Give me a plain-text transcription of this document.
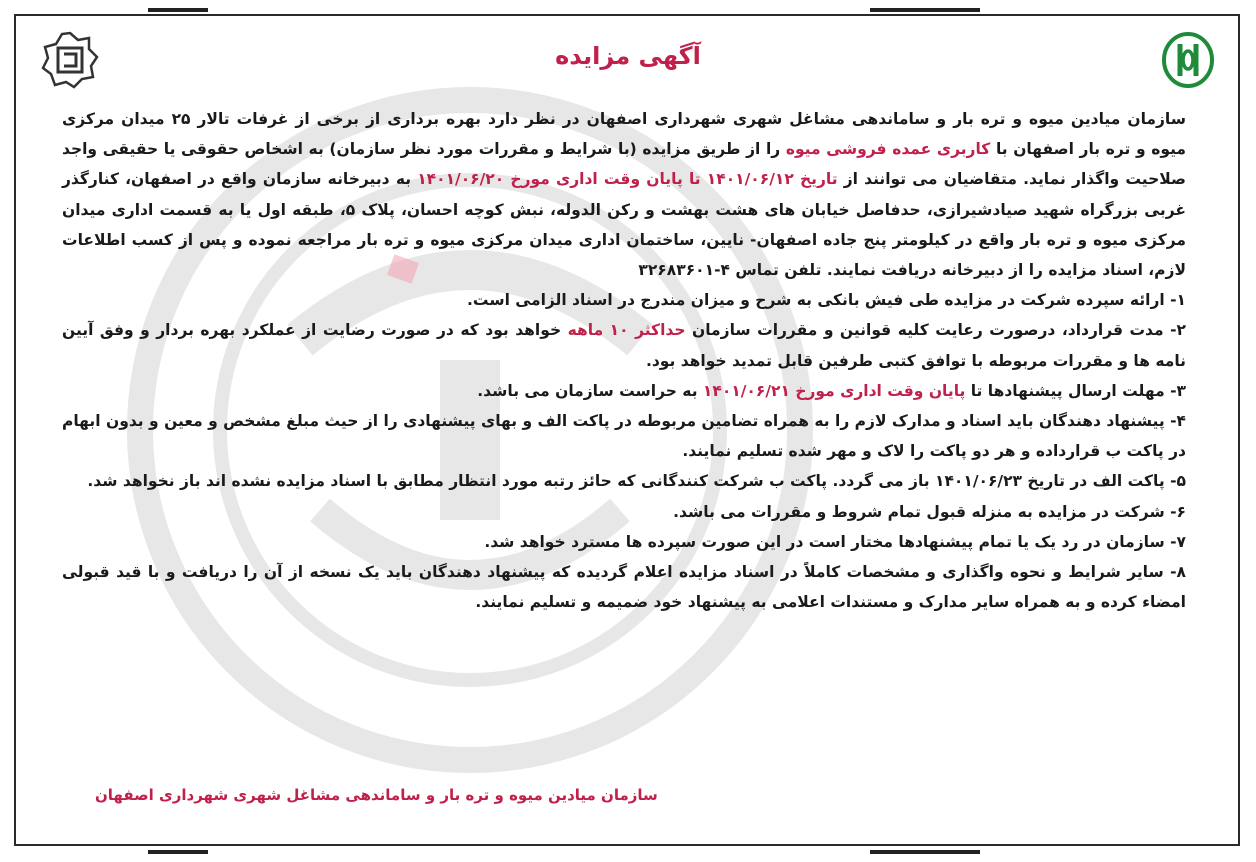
آگهی مزایده

سازمان میادین میوه و تره بار و ساماندهی مشاغل شهری شهرداری اصفهان در نظر دارد بهره برداری از برخی از غرفات تالار ۲۵ میدان مرکزی میوه و تره بار اصفهان با کاربری عمده فروشی میوه را از طریق مزایده (با شرایط و مقررات مورد نظر سازمان) به اشخاص حقوقی یا حقیقی واجد صلاحیت واگذار نماید. متقاضیان می توانند از تاریخ ۱۴۰۱/۰۶/۱۲ تا پایان وقت اداری مورخ ۱۴۰۱/۰۶/۲۰ به دبیرخانه سازمان واقع در اصفهان، کنارگذر غربی بزرگراه شهید صیادشیرازی، حدفاصل خیابان های هشت بهشت و رکن الدوله، نبش کوچه احسان، پلاک ۵، طبقه اول یا به قسمت اداری میدان مرکزی میوه و تره بار واقع در کیلومتر پنج جاده اصفهان- نایین، ساختمان اداری میدان مرکزی میوه و تره بار مراجعه نموده و پس از کسب اطلاعات لازم، اسناد مزایده را از دبیرخانه دریافت نمایند. تلفن تماس ۴-۳۲۶۸۳۶۰۱

۱- ارائه سپرده شرکت در مزایده طی فیش بانکی به شرح و میزان مندرج در اسناد الزامی است.

۲- مدت قرارداد، درصورت رعایت کلیه قوانین و مقررات سازمان حداکثر ۱۰ ماهه خواهد بود که در صورت رضایت از عملکرد بهره بردار و وفق آیین نامه ها و مقررات مربوطه با توافق کتبی طرفین قابل تمدید خواهد بود.

۳- مهلت ارسال پیشنهادها تا پایان وقت اداری مورخ ۱۴۰۱/۰۶/۲۱ به حراست سازمان می باشد.

۴- پیشنهاد دهندگان باید اسناد و مدارک لازم را به همراه تضامین مربوطه در پاکت الف و بهای پیشنهادی را از حیث مبلغ مشخص و معین و بدون ابهام در پاکت ب قرارداده و هر دو پاکت را لاک و مهر شده تسلیم نمایند.

۵- پاکت الف در تاریخ ۱۴۰۱/۰۶/۲۳ باز می گردد. پاکت ب شرکت کنندگانی که حائز رتبه مورد انتظار مطابق با اسناد مزایده نشده اند باز نخواهد شد.

۶- شرکت در مزایده به منزله قبول تمام شروط و مقررات می باشد.

۷- سازمان در رد یک یا تمام پیشنهادها مختار است در این صورت سپرده ها مسترد خواهد شد.

۸- سایر شرایط و نحوه واگذاری و مشخصات کاملاً در اسناد مزایده اعلام گردیده که پیشنهاد دهندگان باید یک نسخه از آن را دریافت و با قید قبولی امضاء کرده و به همراه سایر مدارک و مستندات اعلامی به پیشنهاد خود ضمیمه و تسلیم نمایند.

سازمان میادین میوه و تره بار و ساماندهی مشاغل شهری شهرداری اصفهان
